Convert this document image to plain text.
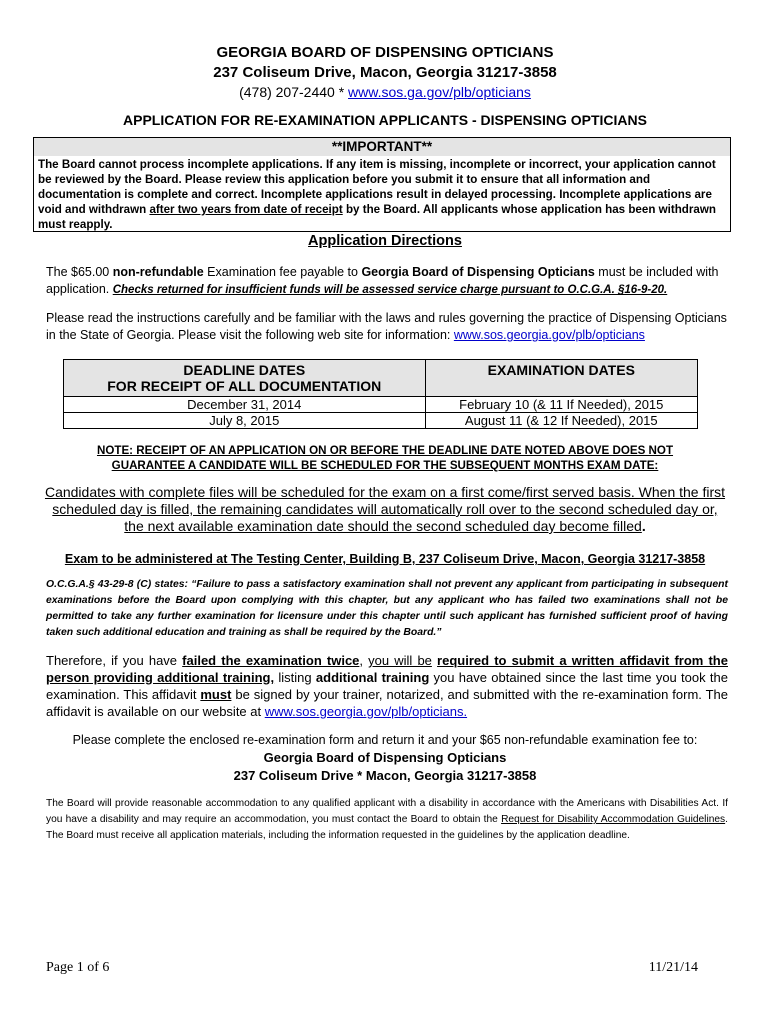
GEORGIA BOARD OF DISPENSING OPTICIANS
237 Coliseum Drive, Macon, Georgia 31217-3858
(478) 207-2440 * www.sos.ga.gov/plb/opticians
APPLICATION FOR RE-EXAMINATION APPLICANTS - DISPENSING OPTICIANS
**IMPORTANT**
The Board cannot process incomplete applications. If any item is missing, incomplete or incorrect, your application cannot be reviewed by the Board. Please review this application before you submit it to ensure that all information and documentation is complete and correct. Incomplete applications result in delayed processing. Incomplete applications are void and withdrawn after two years from date of receipt by the Board. All applicants whose application has been withdrawn must reapply.
Application Directions
The $65.00 non-refundable Examination fee payable to Georgia Board of Dispensing Opticians must be included with application. Checks returned for insufficient funds will be assessed service charge pursuant to O.C.G.A. §16-9-20.
Please read the instructions carefully and be familiar with the laws and rules governing the practice of Dispensing Opticians in the State of Georgia. Please visit the following web site for information: www.sos.georgia.gov/plb/opticians
DEADLINE DATES
FOR RECEIPT OF ALL DOCUMENTATION	EXAMINATION DATES
December 31, 2014	February 10 (& 11 If Needed), 2015
July 8, 2015	August 11 (& 12 If Needed), 2015
NOTE: RECEIPT OF AN APPLICATION ON OR BEFORE THE DEADLINE DATE NOTED ABOVE DOES NOT
GUARANTEE A CANDIDATE WILL BE SCHEDULED FOR THE SUBSEQUENT MONTHS EXAM DATE:
Candidates with complete files will be scheduled for the exam on a first come/first served basis. When the first
scheduled day is filled, the remaining candidates will automatically roll over to the second scheduled day or,
the next available examination date should the second scheduled day become filled.
Exam to be administered at The Testing Center, Building B, 237 Coliseum Drive, Macon, Georgia 31217-3858
O.C.G.A.§ 43-29-8 (C) states: “Failure to pass a satisfactory examination shall not prevent any applicant from participating in subsequent examinations before the Board upon complying with this chapter, but any applicant who has failed two examinations shall not be permitted to take any further examination for licensure under this chapter until such applicant has furnished sufficient proof of having taken such additional education and training as shall be required by the Board.”
Therefore, if you have failed the examination twice, you will be required to submit a written affidavit from the person providing additional training, listing additional training you have obtained since the last time you took the examination. This affidavit must be signed by your trainer, notarized, and submitted with the re-examination form. The affidavit is available on our website at www.sos.georgia.gov/plb/opticians.
Please complete the enclosed re-examination form and return it and your $65 non-refundable examination fee to:
Georgia Board of Dispensing Opticians
237 Coliseum Drive * Macon, Georgia 31217-3858
The Board will provide reasonable accommodation to any qualified applicant with a disability in accordance with the Americans with Disabilities Act. If you have a disability and may require an accommodation, you must contact the Board to obtain the Request for Disability Accommodation Guidelines. The Board must receive all application materials, including the information requested in the guidelines by the application deadline.
Page 1 of 6	11/21/14
